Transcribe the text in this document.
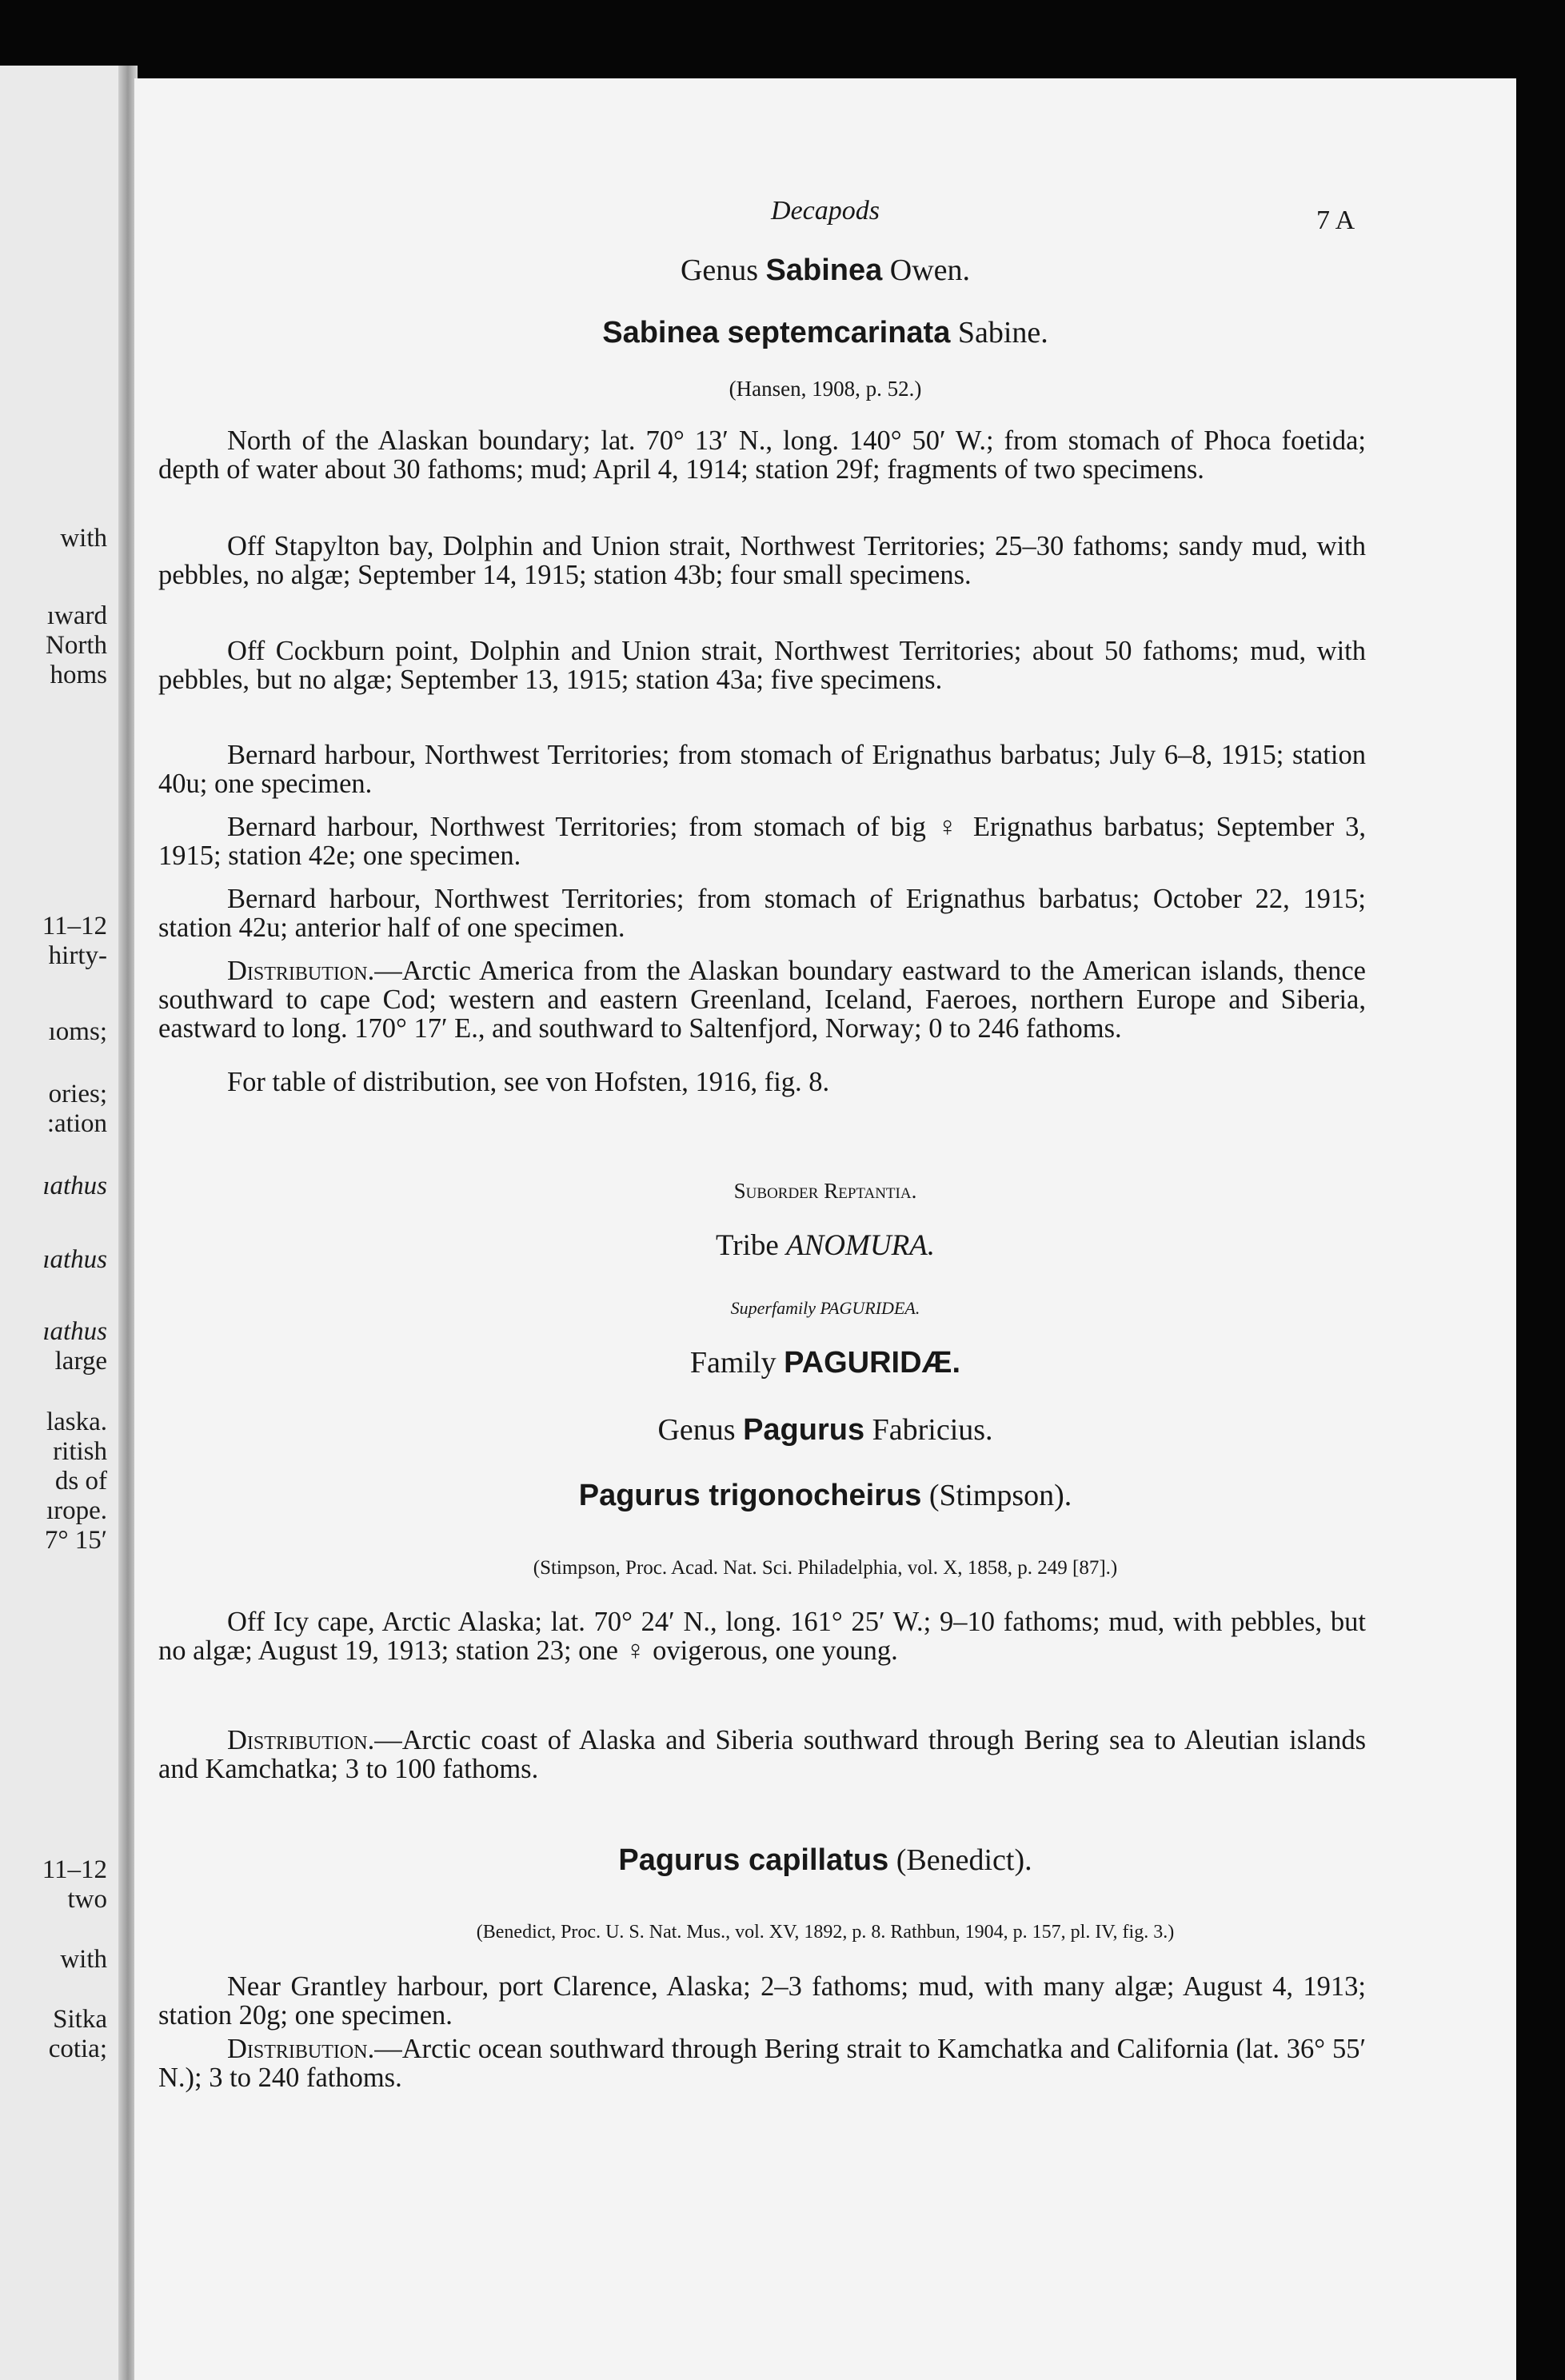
with
ıward
North
homs
11–12
hirty-
ıoms;
ories;
:ation
ıathus
ıathus
ıathus
large
laska.
ritish
ds of
ırope.
7° 15′
11–12
two
with
Sitka
cotia;
Decapods	7 A
Genus Sabinea Owen.
Sabinea septemcarinata Sabine.
(Hansen, 1908, p. 52.)
North of the Alaskan boundary; lat. 70° 13′ N., long. 140° 50′ W.; from stomach of Phoca foetida; depth of water about 30 fathoms; mud; April 4, 1914; station 29f; fragments of two specimens.
Off Stapylton bay, Dolphin and Union strait, Northwest Territories; 25–30 fathoms; sandy mud, with pebbles, no algæ; September 14, 1915; station 43b; four small specimens.
Off Cockburn point, Dolphin and Union strait, Northwest Territories; about 50 fathoms; mud, with pebbles, but no algæ; September 13, 1915; station 43a; five specimens.
Bernard harbour, Northwest Territories; from stomach of Erignathus barbatus; July 6–8, 1915; station 40u; one specimen.
Bernard harbour, Northwest Territories; from stomach of big ♀ Erignathus barbatus; September 3, 1915; station 42e; one specimen.
Bernard harbour, Northwest Territories; from stomach of Erignathus barbatus; October 22, 1915; station 42u; anterior half of one specimen.
Distribution.—Arctic America from the Alaskan boundary eastward to the American islands, thence southward to cape Cod; western and eastern Greenland, Iceland, Faeroes, northern Europe and Siberia, eastward to long. 170° 17′ E., and southward to Saltenfjord, Norway; 0 to 246 fathoms.
For table of distribution, see von Hofsten, 1916, fig. 8.
Suborder Reptantia.
Tribe ANOMURA.
Superfamily PAGURIDEA.
Family PAGURIDÆ.
Genus Pagurus Fabricius.
Pagurus trigonocheirus (Stimpson).
(Stimpson, Proc. Acad. Nat. Sci. Philadelphia, vol. X, 1858, p. 249 [87].)
Off Icy cape, Arctic Alaska; lat. 70° 24′ N., long. 161° 25′ W.; 9–10 fathoms; mud, with pebbles, but no algæ; August 19, 1913; station 23; one ♀ ovigerous, one young.
Distribution.—Arctic coast of Alaska and Siberia southward through Bering sea to Aleutian islands and Kamchatka; 3 to 100 fathoms.
Pagurus capillatus (Benedict).
(Benedict, Proc. U. S. Nat. Mus., vol. XV, 1892, p. 8. Rathbun, 1904, p. 157, pl. IV, fig. 3.)
Near Grantley harbour, port Clarence, Alaska; 2–3 fathoms; mud, with many algæ; August 4, 1913; station 20g; one specimen.
Distribution.—Arctic ocean southward through Bering strait to Kamchatka and California (lat. 36° 55′ N.); 3 to 240 fathoms.
